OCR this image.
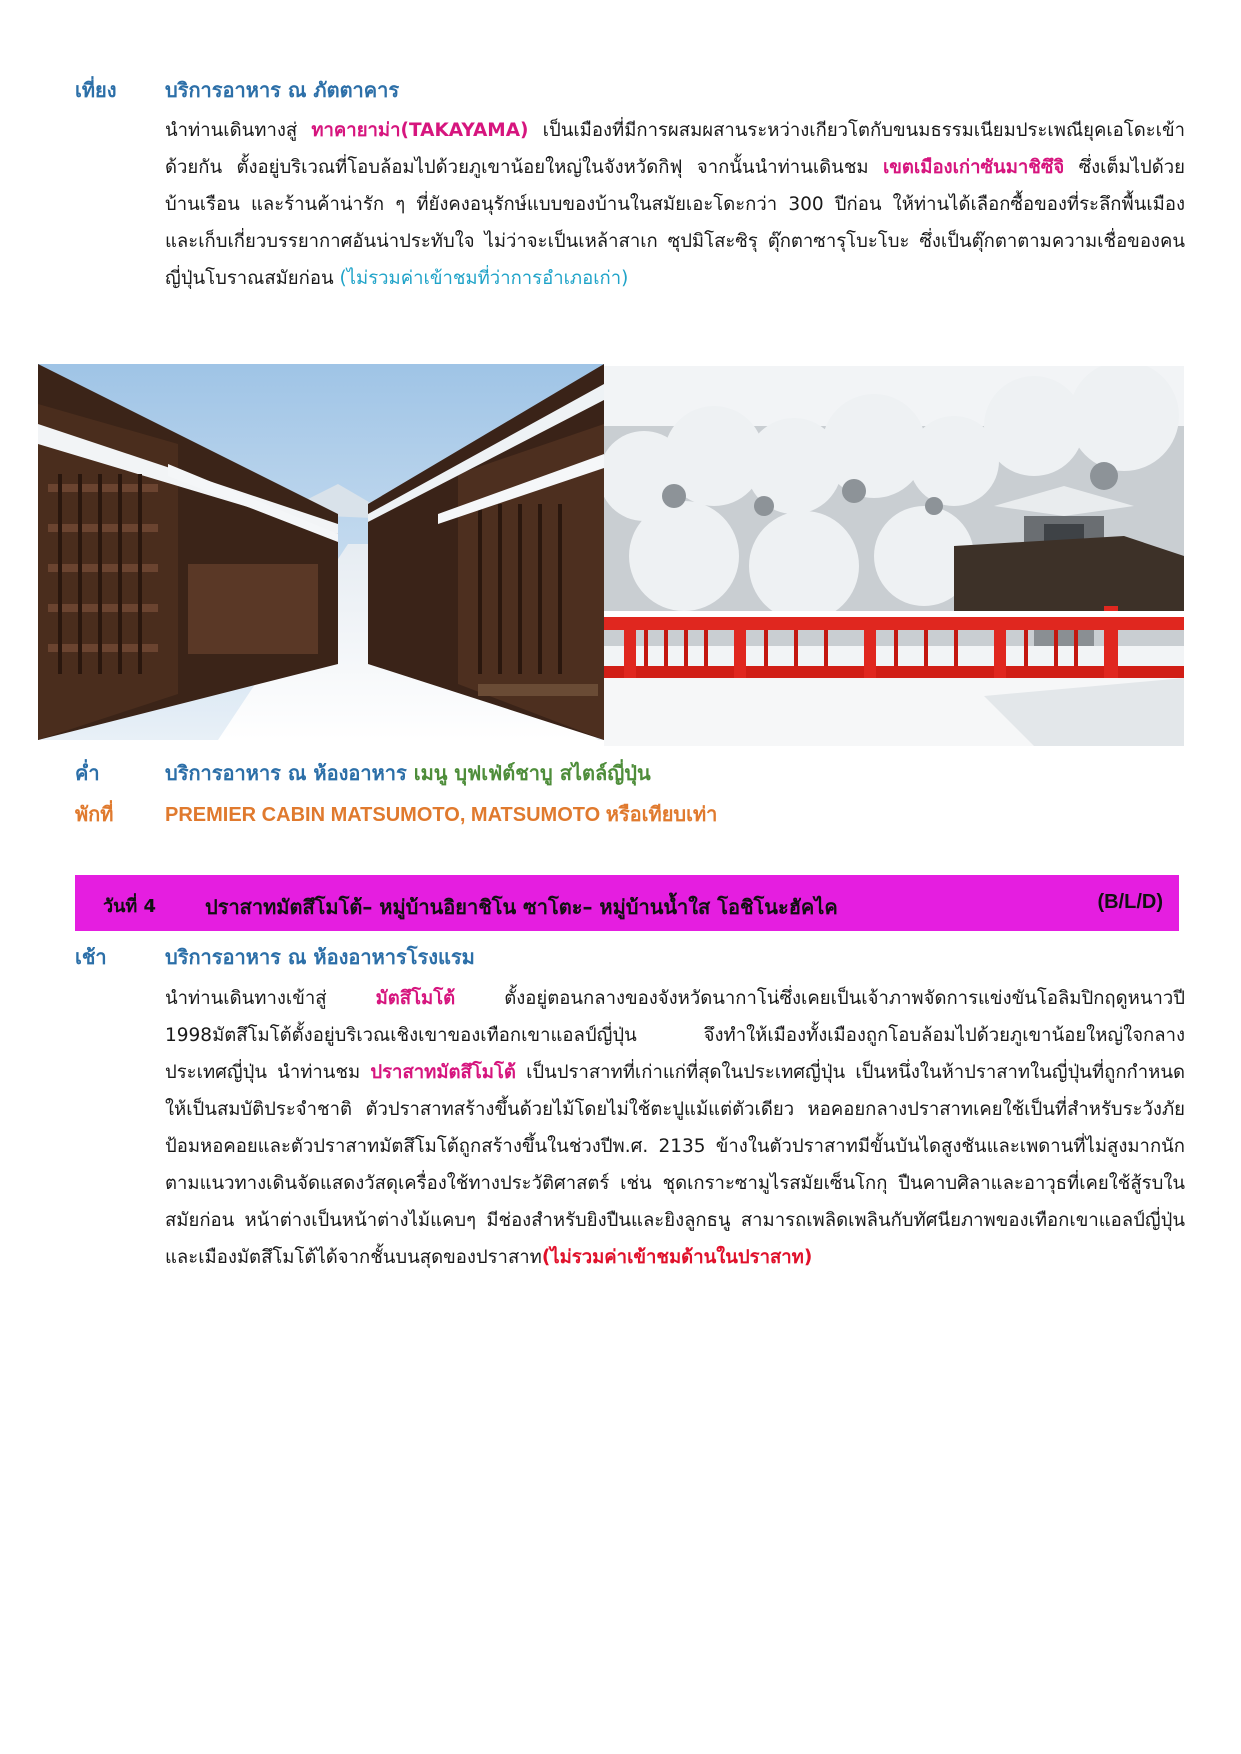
เที่ยง บริการอาหาร ณ ภัตตาคาร
นำท่านเดินทางสู่ ทาคายาม่า(TAKAYAMA) เป็นเมืองที่มีการผสมผสานระหว่างเกียวโตกับขนมธรรมเนียมประเพณียุคเอโดะเข้าด้วยกัน ตั้งอยู่บริเวณที่โอบล้อมไปด้วยภูเขาน้อยใหญ่ในจังหวัดกิฟุ จากนั้นนำท่านเดินชม เขตเมืองเก่าซันมาชิซึจิ ซึ่งเต็มไปด้วยบ้านเรือน และร้านค้าน่ารัก ๆ ที่ยังคงอนุรักษ์แบบของบ้านในสมัยเอะโดะกว่า 300 ปีก่อน ให้ท่านได้เลือกซื้อของที่ระลึกพื้นเมืองและเก็บเกี่ยวบรรยากาศอันน่าประทับใจ ไม่ว่าจะเป็นเหล้าสาเก ซุปมิโสะซิรุ ตุ๊กตาซารุโบะโบะ ซึ่งเป็นตุ๊กตาตามความเชื่อของคนญี่ปุ่นโบราณสมัยก่อน (ไม่รวมค่าเข้าชมที่ว่าการอำเภอเก่า)
ค่ำ	บริการอาหาร ณ ห้องอาหาร เมนู บุฟเฟ่ต์ชาบู สไตล์ญี่ปุ่น
พักที่	PREMIER CABIN MATSUMOTO, MATSUMOTO หรือเทียบเท่า
วันที่ 4 ปราสาทมัตสึโมโต้– หมู่บ้านอิยาชิโน ซาโตะ– หมู่บ้านน้ำใส โอชิโนะฮัคไค	(B/L/D)
เช้า	บริการอาหาร ณ ห้องอาหารโรงแรม
นำท่านเดินทางเข้าสู่ มัตสึโมโต้ ตั้งอยู่ตอนกลางของจังหวัดนากาโน่ซึ่งเคยเป็นเจ้าภาพจัดการแข่งขันโอลิมปิกฤดูหนาวปี 1998มัตสึโมโต้ตั้งอยู่บริเวณเชิงเขาของเทือกเขาแอลป์ญี่ปุ่น จึงทำให้เมืองทั้งเมืองถูกโอบล้อมไปด้วยภูเขาน้อยใหญ่ใจกลางประเทศญี่ปุ่น นำท่านชม ปราสาทมัตสึโมโต้ เป็นปราสาทที่เก่าแก่ที่สุดในประเทศญี่ปุ่น เป็นหนึ่งในห้าปราสาทในญี่ปุ่นที่ถูกกำหนดให้เป็นสมบัติประจำชาติ ตัวปราสาทสร้างขึ้นด้วยไม้โดยไม่ใช้ตะปูแม้แต่ตัวเดียว หอคอยกลางปราสาทเคยใช้เป็นที่สำหรับระวังภัย ป้อมหอคอยและตัวปราสาทมัตสึโมโต้ถูกสร้างขึ้นในช่วงปีพ.ศ. 2135 ข้างในตัวปราสาทมีขั้นบันไดสูงชันและเพดานที่ไม่สูงมากนัก ตามแนวทางเดินจัดแสดงวัสดุเครื่องใช้ทางประวัติศาสตร์ เช่น ชุดเกราะซามูไรสมัยเซ็นโกกุ ปืนคาบศิลาและอาวุธที่เคยใช้สู้รบในสมัยก่อน หน้าต่างเป็นหน้าต่างไม้แคบๆ มีช่องสำหรับยิงปืนและยิงลูกธนู สามารถเพลิดเพลินกับทัศนียภาพของเทือกเขาแอลป์ญี่ปุ่นและเมืองมัตสึโมโต้ได้จากชั้นบนสุดของปราสาท(ไม่รวมค่าเข้าชมด้านในปราสาท)
